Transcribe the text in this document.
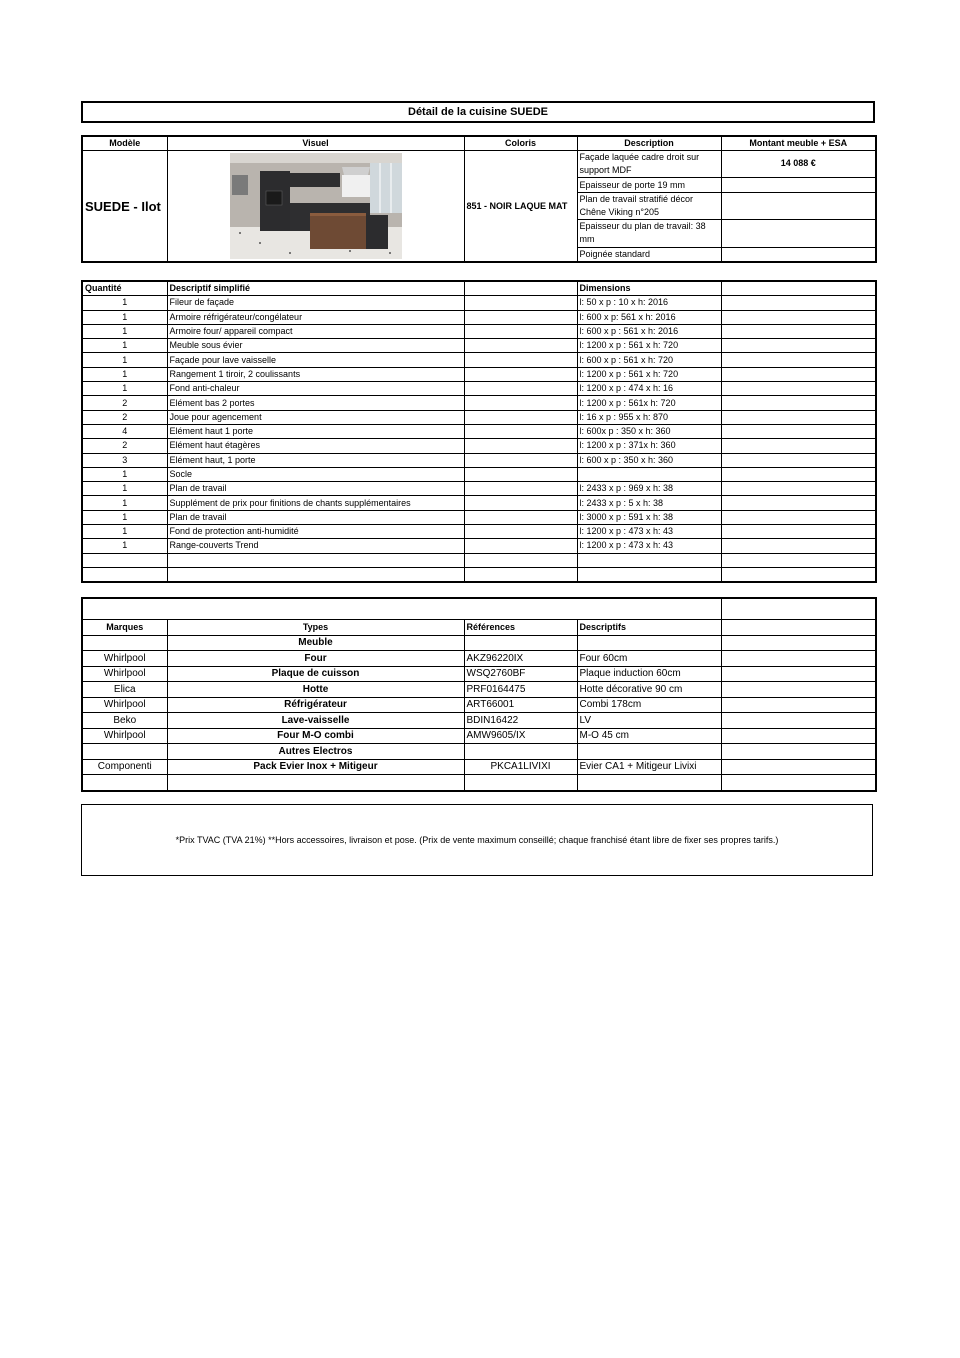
Détail de la cuisine SUEDE
Modèle	Visuel	Coloris	Description	Montant meuble + ESA
SUEDE - Ilot		851 - NOIR LAQUE MAT	Façade laquée cadre droit sur support MDF	14 088 €
			Epaisseur de porte 19 mm	
			Plan de travail stratifié décor Chêne Viking n°205	
			Epaisseur du plan de travail: 38 mm	
			Poignée standard	
Quantité	Descriptif simplifié		Dimensions	
1	Fileur de façade		l: 50 x p : 10 x h: 2016	
1	Armoire réfrigérateur/congélateur		l: 600 x p: 561 x h: 2016	
1	Armoire four/ appareil compact		l: 600 x p : 561 x h: 2016	
1	Meuble sous évier		l: 1200 x p : 561 x h: 720	
1	Façade pour lave vaisselle		l: 600 x p : 561 x h: 720	
1	Rangement 1 tiroir, 2 coulissants		l: 1200 x p : 561 x h: 720	
1	Fond anti-chaleur		l: 1200 x p : 474 x h: 16	
2	Elément bas 2 portes		l: 1200 x p : 561x h: 720	
2	Joue pour agencement		l: 16 x p : 955 x h: 870	
4	Elément haut 1 porte		l: 600x p : 350 x h: 360	
2	Elément haut étagères		l: 1200 x p : 371x h: 360	
3	Elément haut, 1 porte		l: 600 x p : 350 x h: 360	
1	Socle			
1	Plan de travail		l: 2433 x p : 969 x h: 38	
1	Supplément de prix pour finitions de chants supplémentaires		l: 2433 x p : 5 x h: 38	
1	Plan de travail		l: 3000 x p : 591 x h: 38	
1	Fond de protection anti-humidité		l: 1200 x p : 473 x h: 43	
1	Range-couverts Trend		l: 1200 x p : 473 x h: 43	

Marques	Types	Références	Descriptifs	
	Meuble			
Whirlpool	Four	AKZ96220IX	Four 60cm	
Whirlpool	Plaque de cuisson	WSQ2760BF	Plaque induction 60cm	
Elica	Hotte	PRF0164475	Hotte décorative 90 cm	
Whirlpool	Réfrigérateur	ART66001	Combi 178cm	
Beko	Lave-vaisselle	BDIN16422	LV	
Whirlpool	Four M-O combi	AMW9605/IX	M-O 45 cm	
	Autres Electros			
Componenti	Pack Evier Inox + Mitigeur	PKCA1LIVIXI	Evier CA1 + Mitigeur Livixi	

*Prix TVAC (TVA 21%) **Hors accessoires, livraison et pose. (Prix de vente maximum conseillé; chaque franchisé étant libre de fixer ses propres tarifs.)
